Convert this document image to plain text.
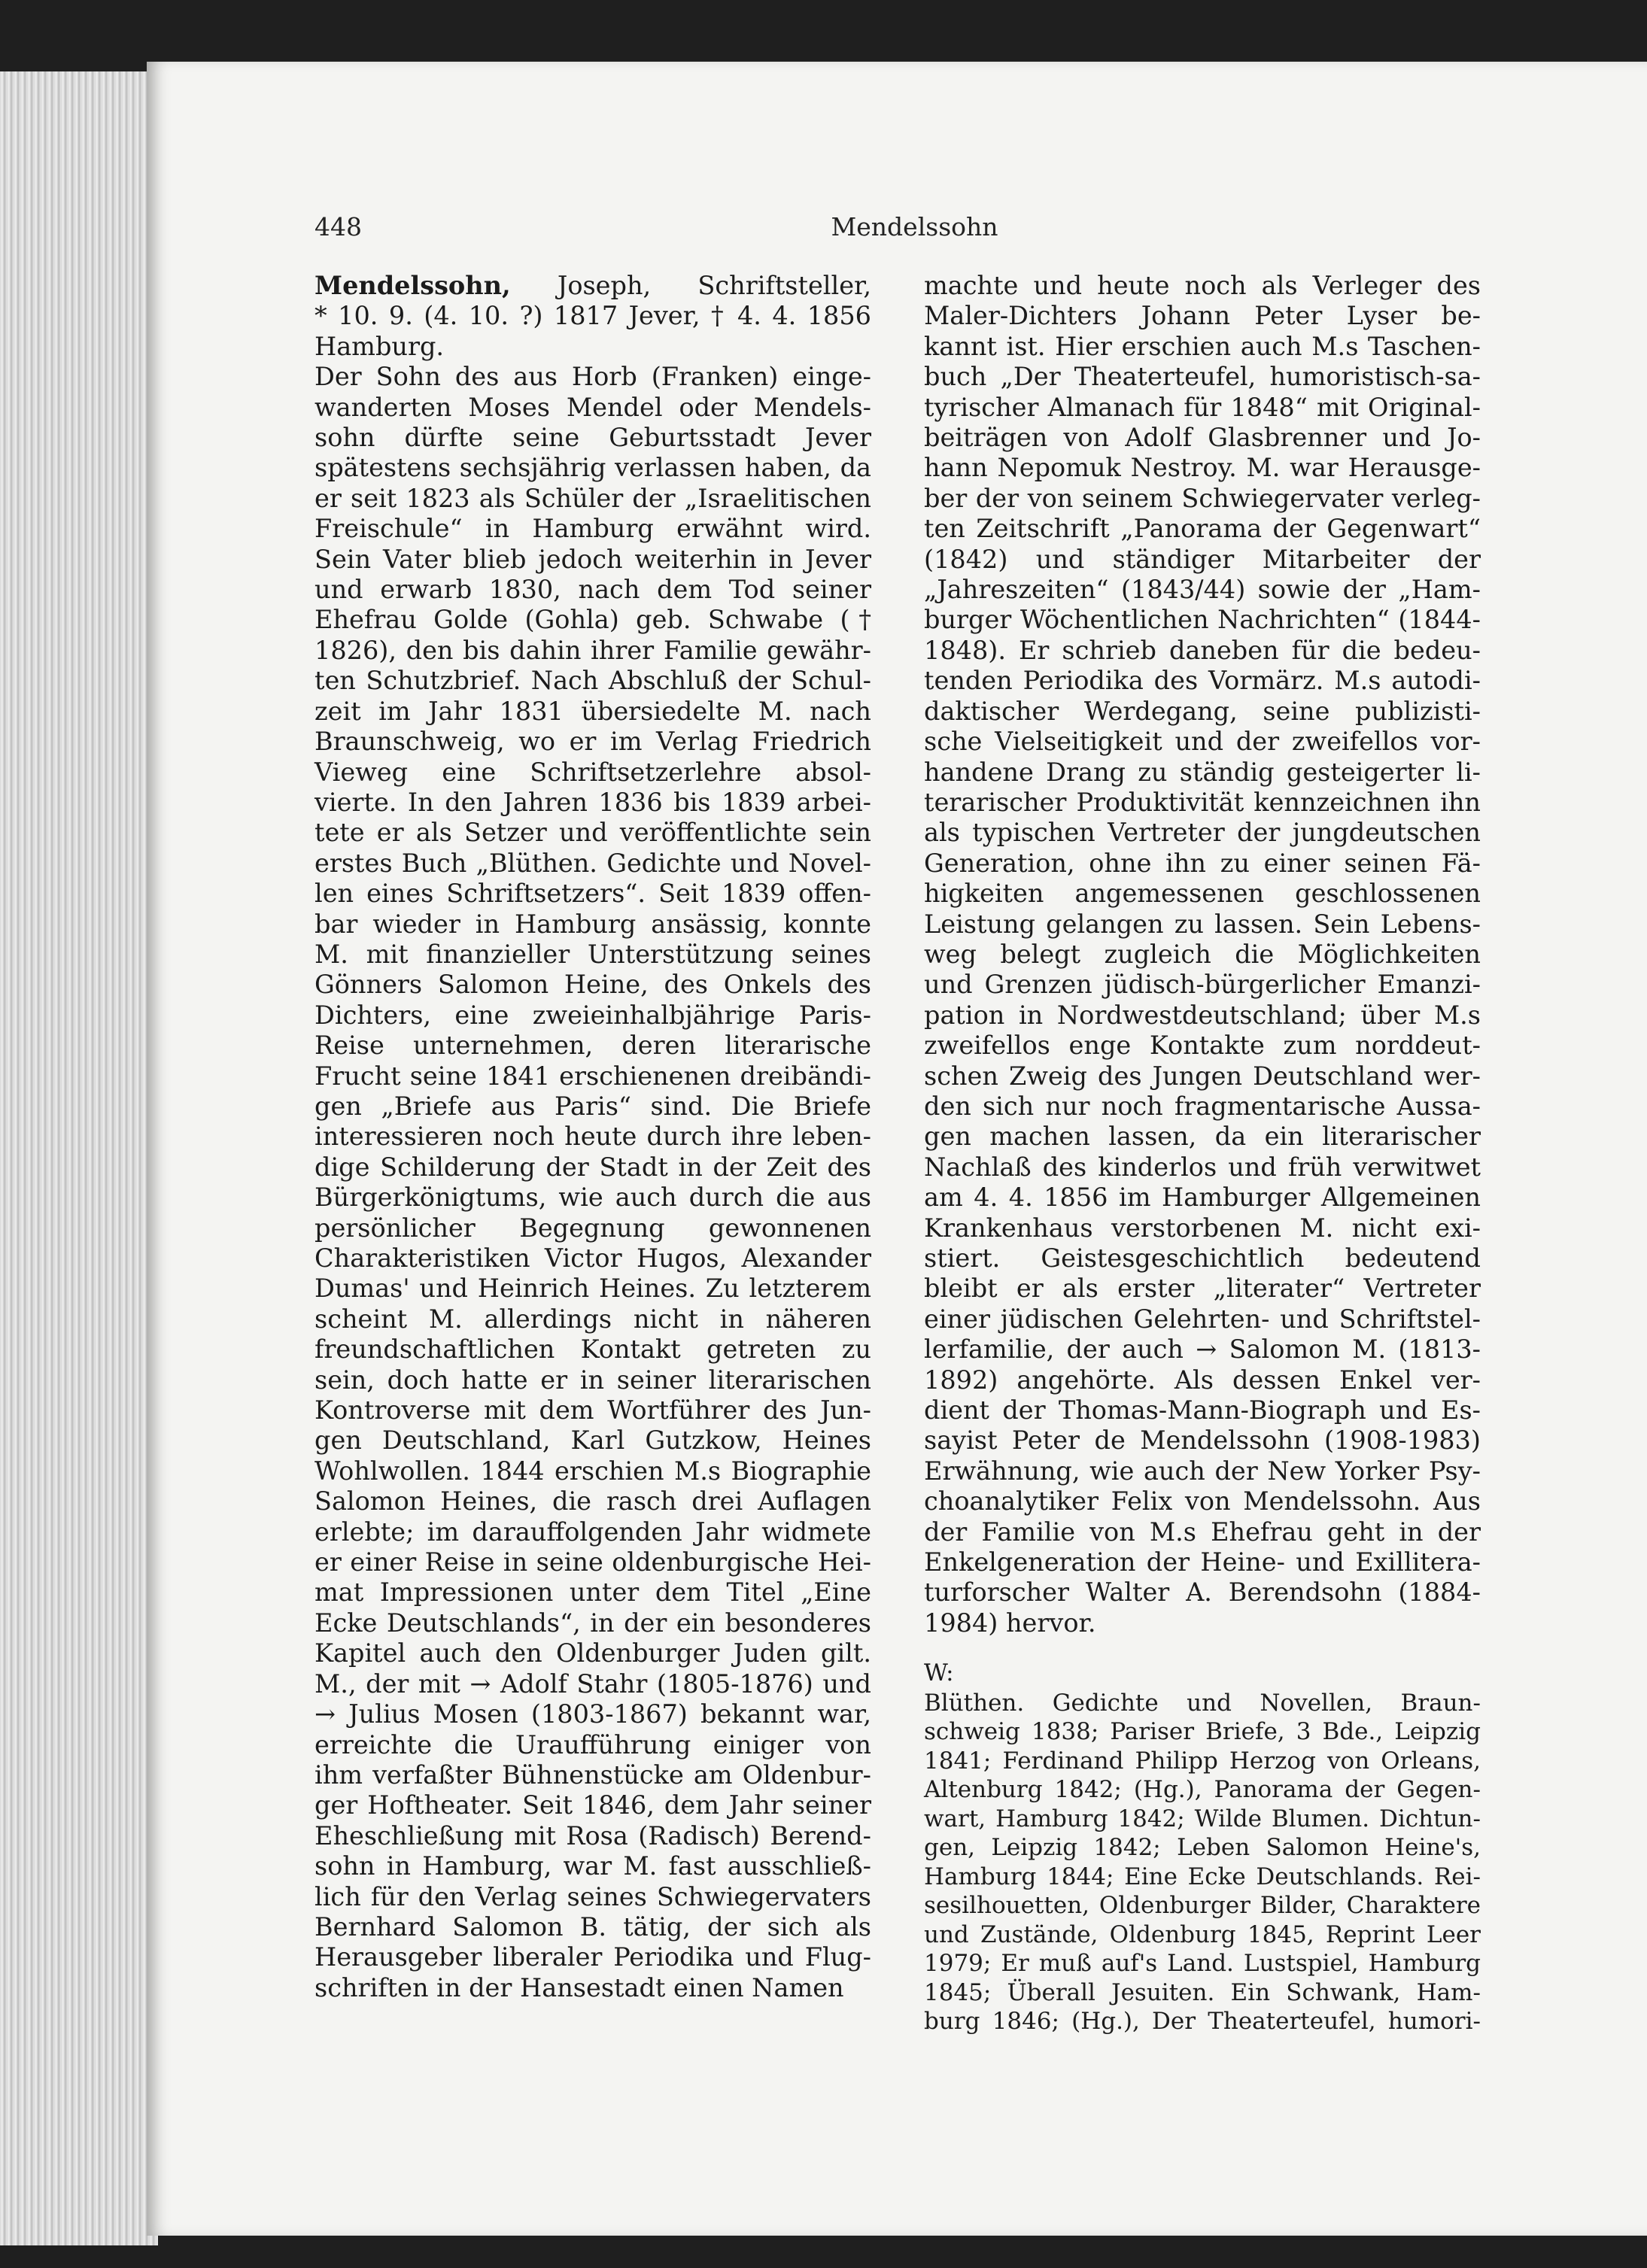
448	Mendelssohn

Mendelssohn, Joseph, Schriftsteller,

* 10. 9. (4. 10. ?) 1817 Jever, † 4. 4. 1856

Hamburg.

Der Sohn des aus Horb (Franken) einge-

wanderten Moses Mendel oder Mendels-

sohn dürfte seine Geburtsstadt Jever

spätestens sechsjährig verlassen haben, da

er seit 1823 als Schüler der „Israelitischen

Freischule“ in Hamburg erwähnt wird.

Sein Vater blieb jedoch weiterhin in Jever

und erwarb 1830, nach dem Tod seiner

Ehefrau Golde (Gohla) geb. Schwabe (†

1826), den bis dahin ihrer Familie gewähr-

ten Schutzbrief. Nach Abschluß der Schul-

zeit im Jahr 1831 übersiedelte M. nach

Braunschweig, wo er im Verlag Friedrich

Vieweg eine Schriftsetzerlehre absol-

vierte. In den Jahren 1836 bis 1839 arbei-

tete er als Setzer und veröffentlichte sein

erstes Buch „Blüthen. Gedichte und Novel-

len eines Schriftsetzers“. Seit 1839 offen-

bar wieder in Hamburg ansässig, konnte

M. mit finanzieller Unterstützung seines

Gönners Salomon Heine, des Onkels des

Dichters, eine zweieinhalbjährige Paris-

Reise unternehmen, deren literarische

Frucht seine 1841 erschienenen dreibändi-

gen „Briefe aus Paris“ sind. Die Briefe

interessieren noch heute durch ihre leben-

dige Schilderung der Stadt in der Zeit des

Bürgerkönigtums, wie auch durch die aus

persönlicher Begegnung gewonnenen

Charakteristiken Victor Hugos, Alexander

Dumas' und Heinrich Heines. Zu letzterem

scheint M. allerdings nicht in näheren

freundschaftlichen Kontakt getreten zu

sein, doch hatte er in seiner literarischen

Kontroverse mit dem Wortführer des Jun-

gen Deutschland, Karl Gutzkow, Heines

Wohlwollen. 1844 erschien M.s Biographie

Salomon Heines, die rasch drei Auflagen

erlebte; im darauffolgenden Jahr widmete

er einer Reise in seine oldenburgische Hei-

mat Impressionen unter dem Titel „Eine

Ecke Deutschlands“, in der ein besonderes

Kapitel auch den Oldenburger Juden gilt.

M., der mit → Adolf Stahr (1805-1876) und

→ Julius Mosen (1803-1867) bekannt war,

erreichte die Uraufführung einiger von

ihm verfaßter Bühnenstücke am Oldenbur-

ger Hoftheater. Seit 1846, dem Jahr seiner

Eheschließung mit Rosa (Radisch) Berend-

sohn in Hamburg, war M. fast ausschließ-

lich für den Verlag seines Schwiegervaters

Bernhard Salomon B. tätig, der sich als

Herausgeber liberaler Periodika und Flug-

schriften in der Hansestadt einen Namen

machte und heute noch als Verleger des

Maler-Dichters Johann Peter Lyser be-

kannt ist. Hier erschien auch M.s Taschen-

buch „Der Theaterteufel, humoristisch-sa-

tyrischer Almanach für 1848“ mit Original-

beiträgen von Adolf Glasbrenner und Jo-

hann Nepomuk Nestroy. M. war Herausge-

ber der von seinem Schwiegervater verleg-

ten Zeitschrift „Panorama der Gegenwart“

(1842) und ständiger Mitarbeiter der

„Jahreszeiten“ (1843/44) sowie der „Ham-

burger Wöchentlichen Nachrichten“ (1844-

1848). Er schrieb daneben für die bedeu-

tenden Periodika des Vormärz. M.s autodi-

daktischer Werdegang, seine publizisti-

sche Vielseitigkeit und der zweifellos vor-

handene Drang zu ständig gesteigerter li-

terarischer Produktivität kennzeichnen ihn

als typischen Vertreter der jungdeutschen

Generation, ohne ihn zu einer seinen Fä-

higkeiten angemessenen geschlossenen

Leistung gelangen zu lassen. Sein Lebens-

weg belegt zugleich die Möglichkeiten

und Grenzen jüdisch-bürgerlicher Emanzi-

pation in Nordwestdeutschland; über M.s

zweifellos enge Kontakte zum norddeut-

schen Zweig des Jungen Deutschland wer-

den sich nur noch fragmentarische Aussa-

gen machen lassen, da ein literarischer

Nachlaß des kinderlos und früh verwitwet

am 4. 4. 1856 im Hamburger Allgemeinen

Krankenhaus verstorbenen M. nicht exi-

stiert. Geistesgeschichtlich bedeutend

bleibt er als erster „literater“ Vertreter

einer jüdischen Gelehrten- und Schriftstel-

lerfamilie, der auch → Salomon M. (1813-

1892) angehörte. Als dessen Enkel ver-

dient der Thomas-Mann-Biograph und Es-

sayist Peter de Mendelssohn (1908-1983)

Erwähnung, wie auch der New Yorker Psy-

choanalytiker Felix von Mendelssohn. Aus

der Familie von M.s Ehefrau geht in der

Enkelgeneration der Heine- und Exillitera-

turforscher Walter A. Berendsohn (1884-

1984) hervor.

W:

Blüthen. Gedichte und Novellen, Braun-

schweig 1838; Pariser Briefe, 3 Bde., Leipzig

1841; Ferdinand Philipp Herzog von Orleans,

Altenburg 1842; (Hg.), Panorama der Gegen-

wart, Hamburg 1842; Wilde Blumen. Dichtun-

gen, Leipzig 1842; Leben Salomon Heine's,

Hamburg 1844; Eine Ecke Deutschlands. Rei-

sesilhouetten, Oldenburger Bilder, Charaktere

und Zustände, Oldenburg 1845, Reprint Leer

1979; Er muß auf's Land. Lustspiel, Hamburg

1845; Überall Jesuiten. Ein Schwank, Ham-

burg 1846; (Hg.), Der Theaterteufel, humori-
